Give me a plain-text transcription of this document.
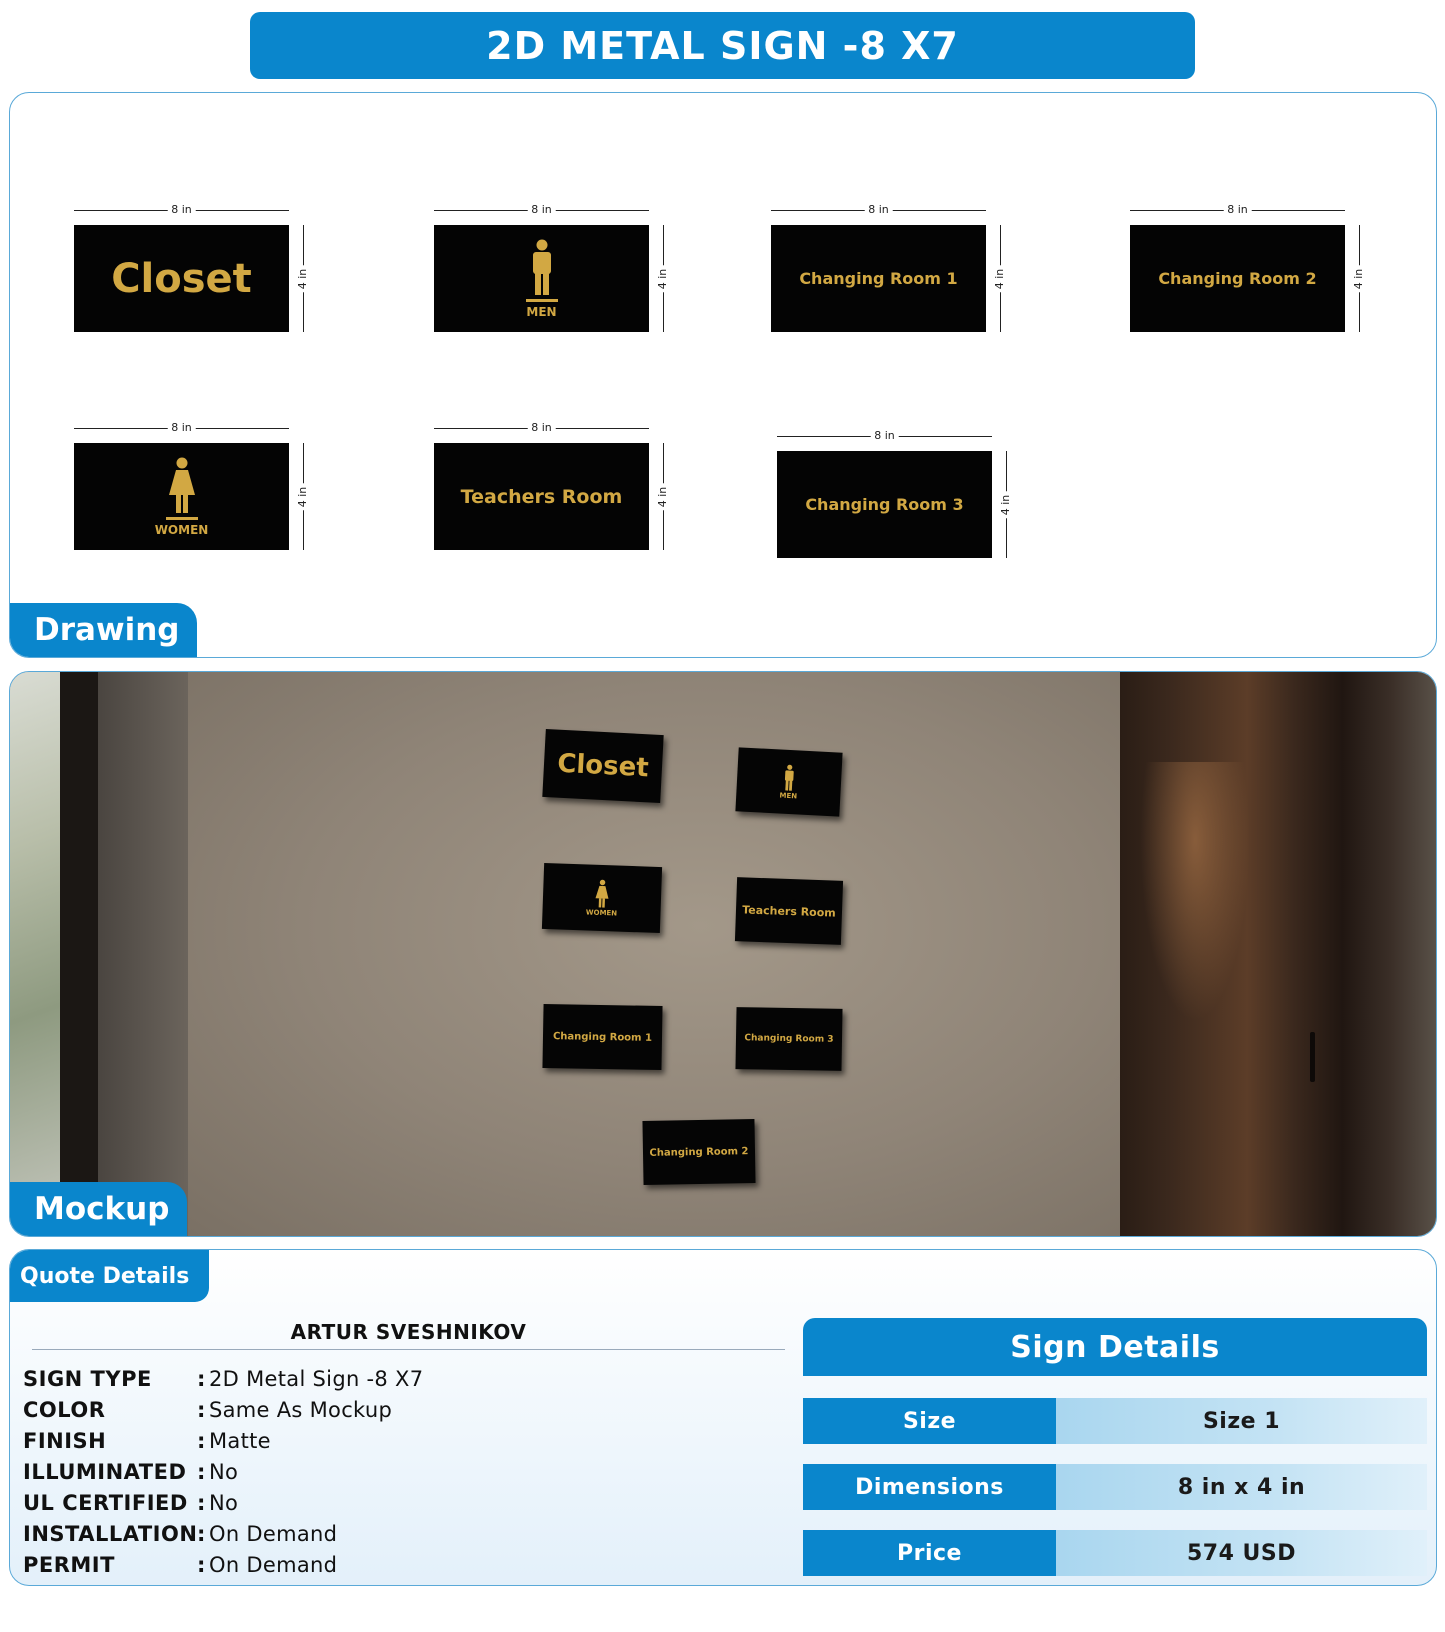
2D METAL SIGN -8 X7
8 in
4 in
Closet
8 in
4 in
MEN
8 in
4 in
Changing Room 1
8 in
4 in
Changing Room 2
8 in
4 in
WOMEN
8 in
4 in
Teachers Room
8 in
4 in
Changing Room 3
Drawing
Closet
MEN
WOMEN	Teachers Room
Changing Room 1	Changing Room 3
Changing Room 2
Mockup
Quote Details
ARTUR SVESHNIKOV
SIGN TYPE	: 2D Metal Sign -8 X7
COLOR	: Same As Mockup
FINISH	: Matte
ILLUMINATED : No
UL CERTIFIED : No
INSTALLATION : On Demand
PERMIT	: On Demand
Sign Details
Size	Size 1
Dimensions	8 in x 4 in
Price	574 USD
